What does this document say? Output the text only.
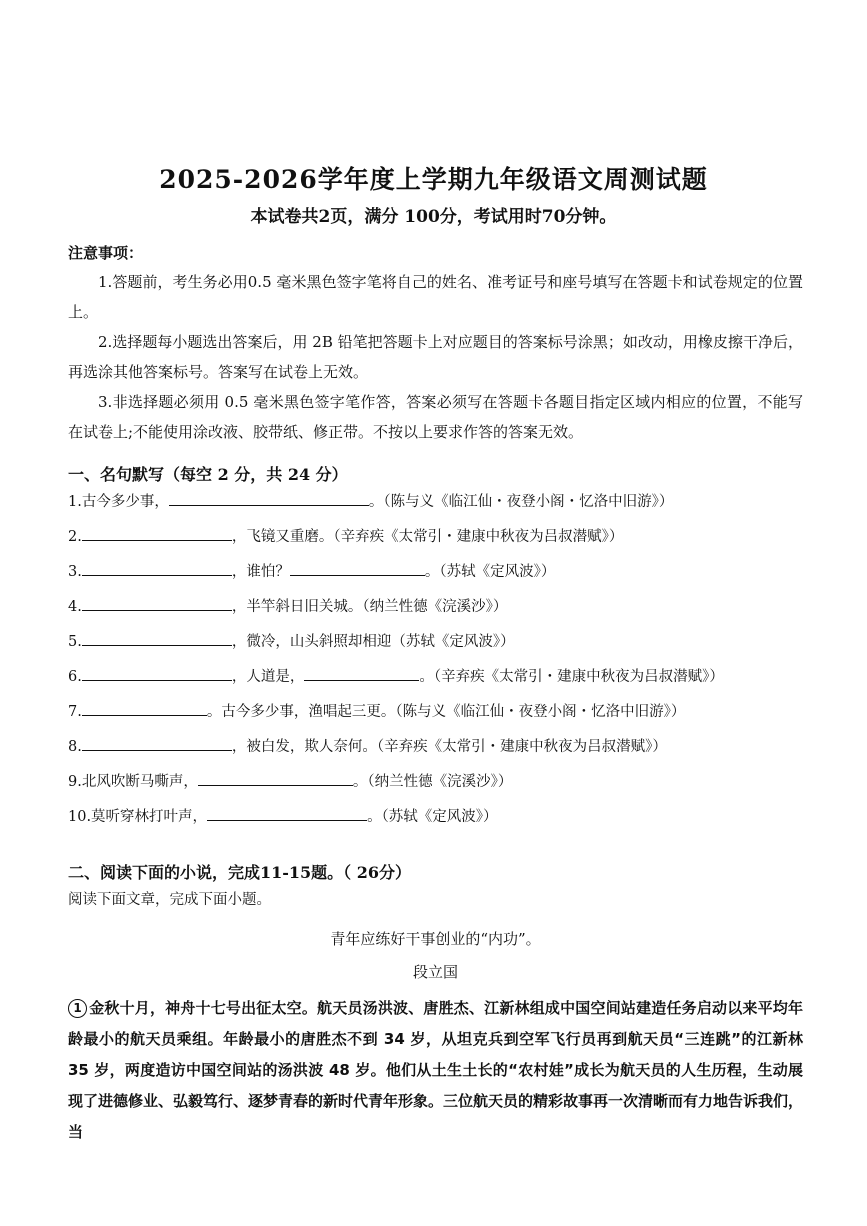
2025-2026学年度上学期九年级语文周测试题
本试卷共2页，满分 100分，考试用时70分钟。
注意事项：

1.答题前，考生务必用0.5 毫米黑色签字笔将自己的姓名、准考证号和座号填写在答题卡和试卷规定的位置上。

2.选择题每小题选出答案后，用 2B 铅笔把答题卡上对应题目的答案标号涂黑；如改动，用橡皮擦干净后，再选涂其他答案标号。答案写在试卷上无效。

3.非选择题必须用 0.5 毫米黑色签字笔作答，答案必须写在答题卡各题目指定区域内相应的位置，不能写在试卷上;不能使用涂改液、胶带纸、修正带。不按以上要求作答的答案无效。

一、名句默写（每空 2 分，共 24 分）
1.古今多少事，	。（陈与义《临江仙・夜登小阁・忆洛中旧游》）
2.	，飞镜又重磨。（辛弃疾《太常引・建康中秋夜为吕叔潜赋》）
3.	，谁怕？	。（苏轼《定风波》）
4.	，半竿斜日旧关城。（纳兰性德《浣溪沙》）
5.	，微冷，山头斜照却相迎（苏轼《定风波》）
6.	，人道是，	。（辛弃疾《太常引・建康中秋夜为吕叔潜赋》）
7.	。古今多少事，渔唱起三更。（陈与义《临江仙・夜登小阁・忆洛中旧游》）
8.	，被白发，欺人奈何。（辛弃疾《太常引・建康中秋夜为吕叔潜赋》）
9.北风吹断马嘶声，	。（纳兰性德《浣溪沙》）
10.莫听穿林打叶声，	。（苏轼《定风波》）
二、阅读下面的小说，完成11-15题。（ 26分）
阅读下面文章，完成下面小题。
青年应练好干事创业的“内功”。
段立国

1 金秋十月，神舟十七号出征太空。航天员汤洪波、唐胜杰、江新林组成中国空间站建造任务启动以来平均年龄最小的航天员乘组。年龄最小的唐胜杰不到 34 岁，从坦克兵到空军飞行员再到航天员“三连跳”的江新林 35 岁，两度造访中国空间站的汤洪波 48 岁。他们从土生土长的“农村娃”成长为航天员的人生历程，生动展现了进德修业、弘毅笃行、逐梦青春的新时代青年形象。三位航天员的精彩故事再一次清晰而有力地告诉我们，当
